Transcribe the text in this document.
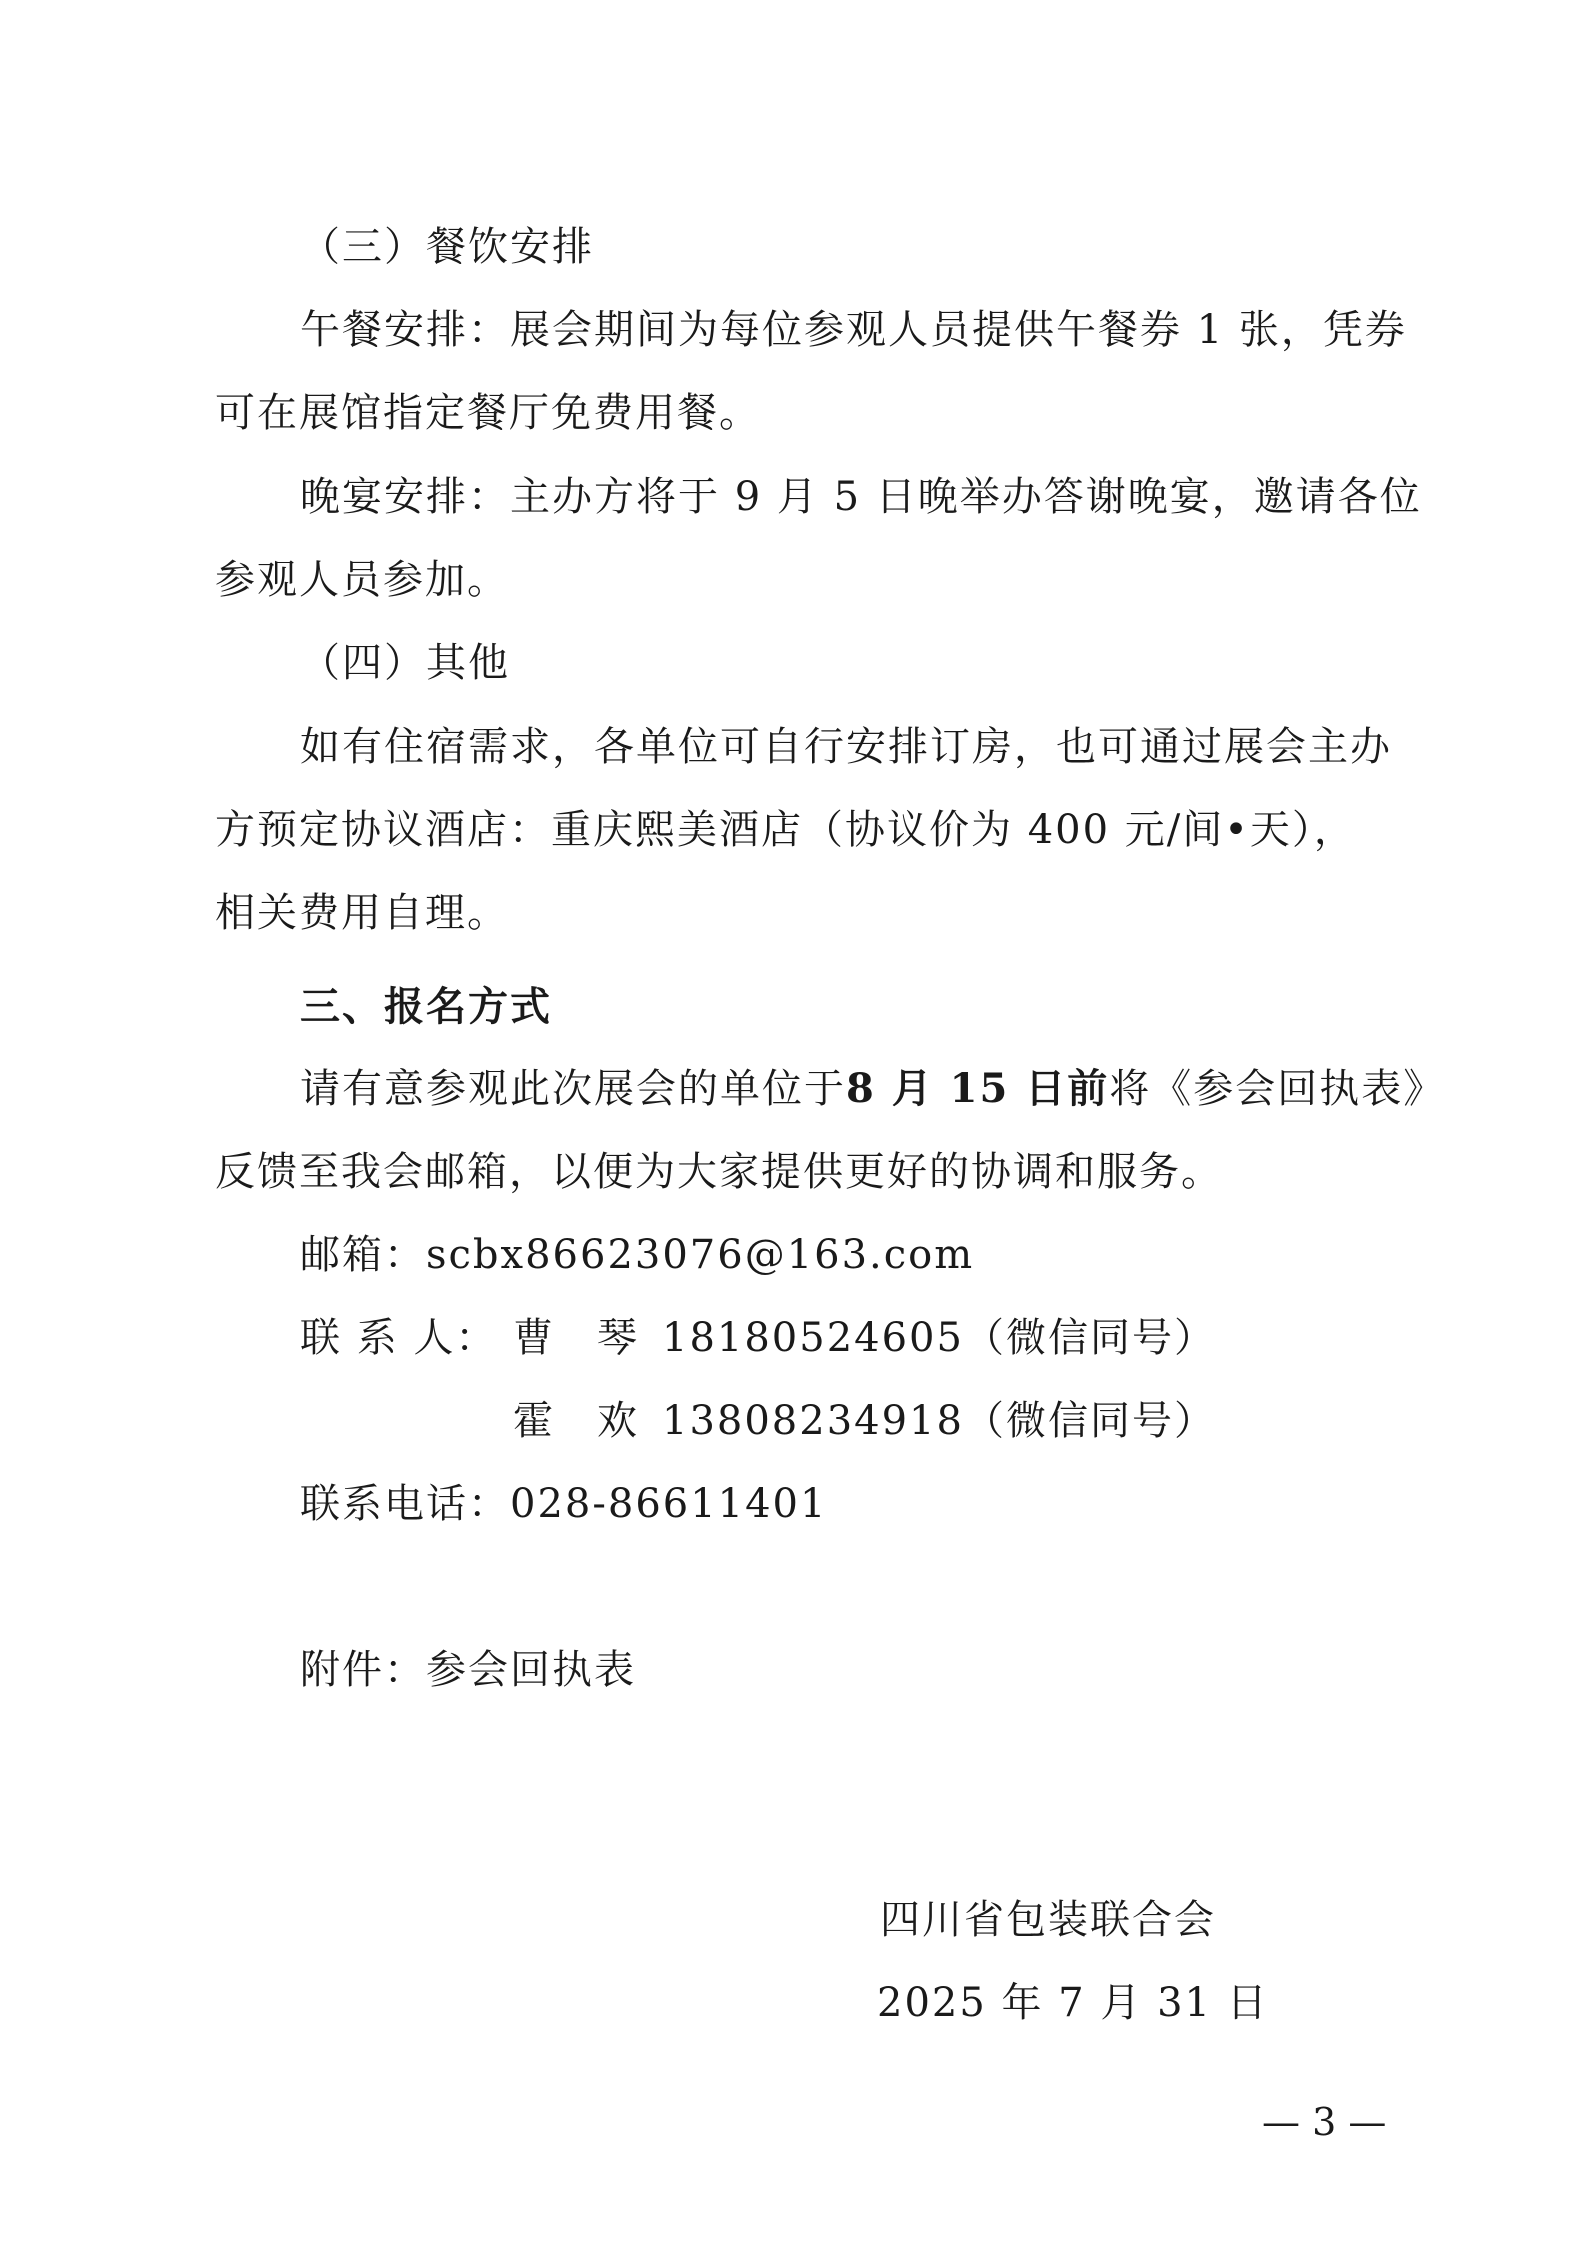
（三）餐饮安排
午餐安排：展会期间为每位参观人员提供午餐券 1 张，凭券
可在展馆指定餐厅免费用餐。
晚宴安排：主办方将于 9 月 5 日晚举办答谢晚宴，邀请各位
参观人员参加。
（四）其他
如有住宿需求，各单位可自行安排订房，也可通过展会主办
方预定协议酒店：重庆熙美酒店（协议价为 400 元/间•天），
相关费用自理。
三、报名方式
请有意参观此次展会的单位于8 月 15 日前将《参会回执表》
反馈至我会邮箱，以便为大家提供更好的协调和服务。
邮箱：scbx86623076@163.com
联 系 人： 曹　琴 18180524605（微信同号）
霍　欢 13808234918（微信同号）
联系电话：028-86611401
附件：参会回执表
四川省包装联合会
2025 年 7 月 31 日
— 3 —
